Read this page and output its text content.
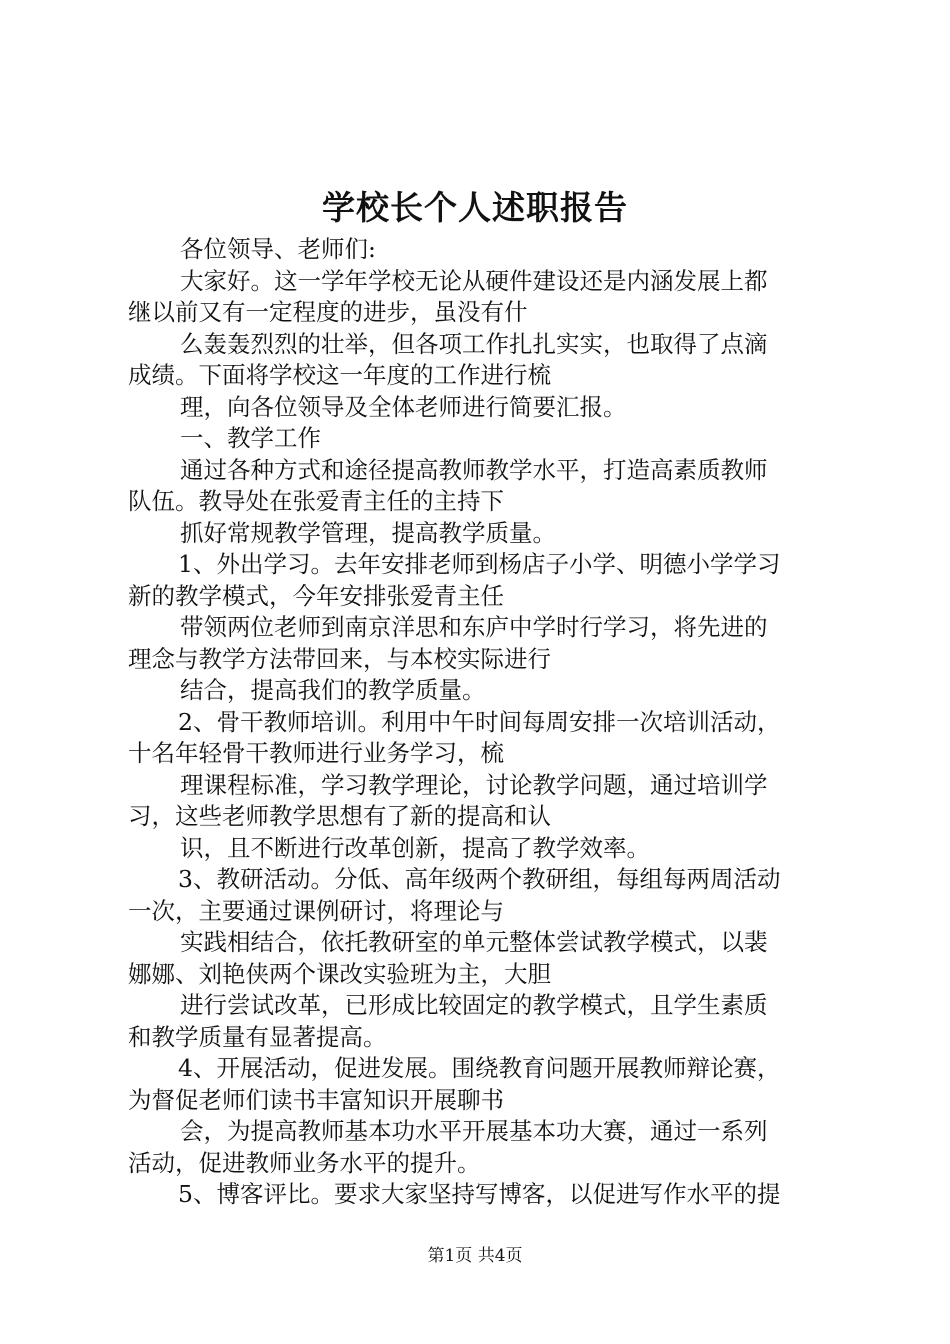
学校长个人述职报告
各位领导、老师们:
大家好。这一学年学校无论从硬件建设还是内涵发展上都
继以前又有一定程度的进步，虽没有什
么轰轰烈烈的壮举，但各项工作扎扎实实，也取得了点滴
成绩。下面将学校这一年度的工作进行梳
理，向各位领导及全体老师进行简要汇报。
一、教学工作
通过各种方式和途径提高教师教学水平，打造高素质教师
队伍。教导处在张爱青主任的主持下
抓好常规教学管理，提高教学质量。
1、外出学习。去年安排老师到杨店子小学、明德小学学习
新的教学模式，今年安排张爱青主任
带领两位老师到南京洋思和东庐中学时行学习，将先进的
理念与教学方法带回来，与本校实际进行
结合，提高我们的教学质量。
2、骨干教师培训。利用中午时间每周安排一次培训活动，
十名年轻骨干教师进行业务学习，梳
理课程标准，学习教学理论，讨论教学问题，通过培训学
习，这些老师教学思想有了新的提高和认
识，且不断进行改革创新，提高了教学效率。
3、教研活动。分低、高年级两个教研组，每组每两周活动
一次，主要通过课例研讨，将理论与
实践相结合，依托教研室的单元整体尝试教学模式，以裴
娜娜、刘艳侠两个课改实验班为主，大胆
进行尝试改革，已形成比较固定的教学模式，且学生素质
和教学质量有显著提高。
4、开展活动，促进发展。围绕教育问题开展教师辩论赛，
为督促老师们读书丰富知识开展聊书
会，为提高教师基本功水平开展基本功大赛，通过一系列
活动，促进教师业务水平的提升。
5、博客评比。要求大家坚持写博客，以促进写作水平的提
第1页 共4页
